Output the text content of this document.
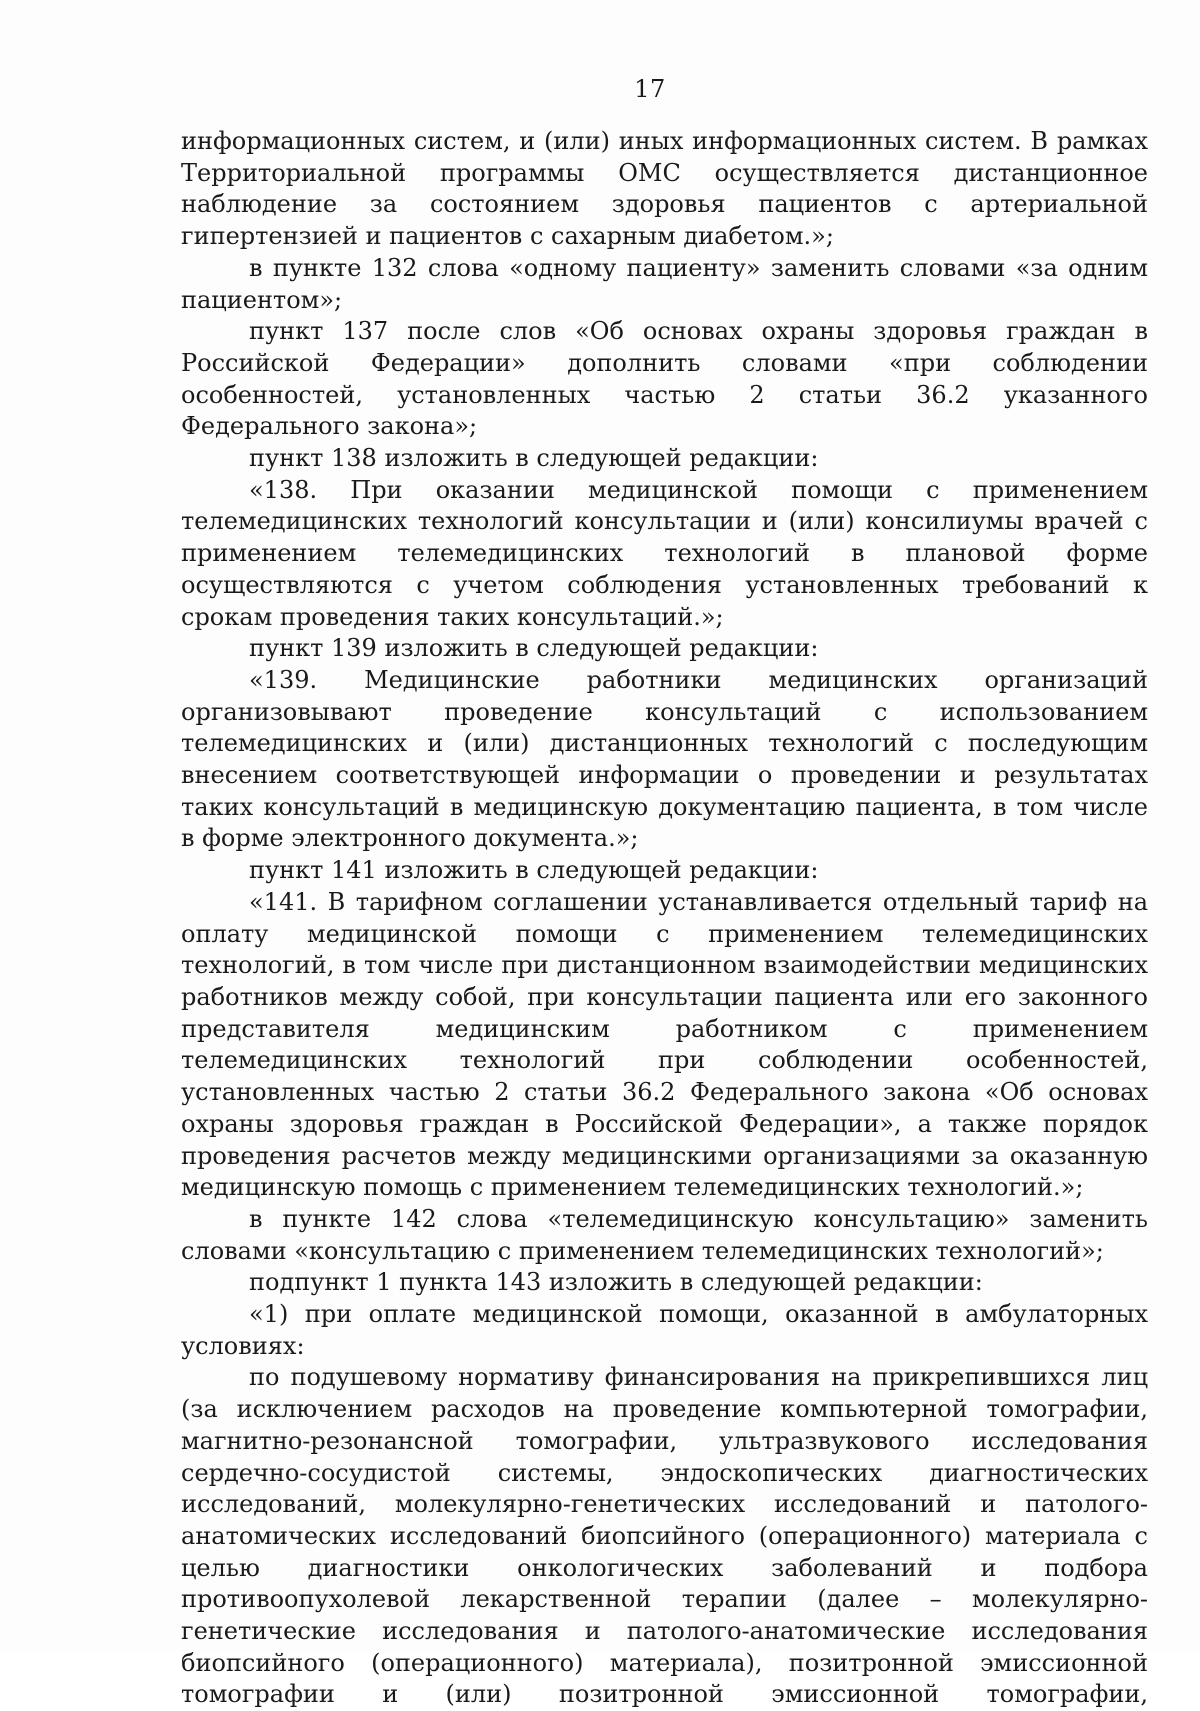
17

информационных систем, и (или) иных информационных систем. В рамках Территориальной программы ОМС осуществляется дистанционное наблюдение за состоянием здоровья пациентов с артериальной гипертензией и пациентов с сахарным диабетом.»;

в пункте 132 слова «одному пациенту» заменить словами «за одним пациентом»;

пункт 137 после слов «Об основах охраны здоровья граждан в Российской Федерации» дополнить словами «при соблюдении особенностей, установленных частью 2 статьи 36.2 указанного Федерального закона»;

пункт 138 изложить в следующей редакции:

«138. При оказании медицинской помощи с применением телемедицинских технологий консультации и (или) консилиумы врачей с применением телемедицинских технологий в плановой форме осуществляются с учетом соблюдения установленных требований к срокам проведения таких консультаций.»;

пункт 139 изложить в следующей редакции:

«139. Медицинские работники медицинских организаций организовывают проведение консультаций с использованием телемедицинских и (или) дистанционных технологий с последующим внесением соответствующей информации о проведении и результатах таких консультаций в медицинскую документацию пациента, в том числе в форме электронного документа.»;

пункт 141 изложить в следующей редакции:

«141. В тарифном соглашении устанавливается отдельный тариф на оплату медицинской помощи с применением телемедицинских технологий, в том числе при дистанционном взаимодействии медицинских работников между собой, при консультации пациента или его законного представителя медицинским работником с применением телемедицинских технологий при соблюдении особенностей, установленных частью 2 статьи 36.2 Федерального закона «Об основах охраны здоровья граждан в Российской Федерации», а также порядок проведения расчетов между медицинскими организациями за оказанную медицинскую помощь с применением телемедицинских технологий.»;

в пункте 142 слова «телемедицинскую консультацию» заменить словами «консультацию с применением телемедицинских технологий»;

подпункт 1 пункта 143 изложить в следующей редакции:

«1) при оплате медицинской помощи, оказанной в амбулаторных условиях:

по подушевому нормативу финансирования на прикрепившихся лиц (за исключением расходов на проведение компьютерной томографии, магнитно-резонансной томографии, ультразвукового исследования сердечно-сосудистой системы, эндоскопических диагностических исследований, молекулярно-генетических исследований и патолого-анатомических исследований биопсийного (операционного) материала с целью диагностики онкологических заболеваний и подбора противоопухолевой лекарственной терапии (далее – молекулярно-генетические исследования и патолого-анатомические исследования биопсийного (операционного) материала), позитронной эмиссионной томографии и (или) позитронной эмиссионной томографии,
